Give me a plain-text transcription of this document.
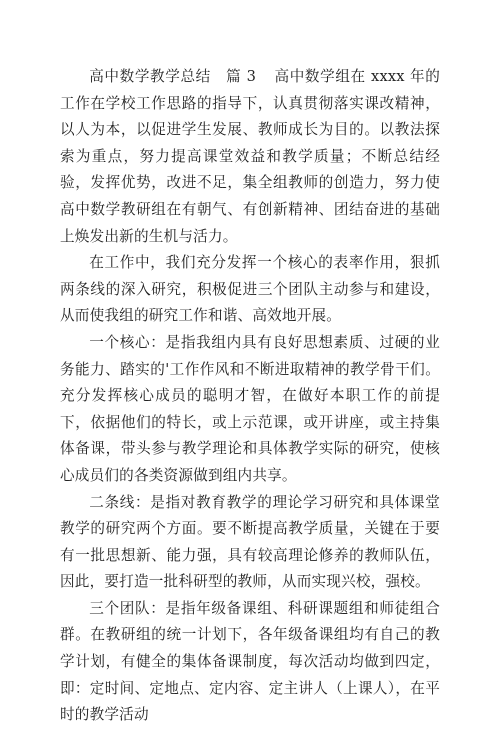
高中数学教学总结　篇 3 高中数学组在 xxxx 年的工作在学校工作思路的指导下，认真贯彻落实课改精神，以人为本，以促进学生发展、教师成长为目的。以教法探索为重点，努力提高课堂效益和教学质量；不断总结经验，发挥优势，改进不足，集全组教师的创造力，努力使高中数学教研组在有朝气、有创新精神、团结奋进的基础上焕发出新的生机与活力。

在工作中，我们充分发挥一个核心的表率作用，狠抓两条线的深入研究，积极促进三个团队主动参与和建设，从而使我组的研究工作和谐、高效地开展。

一个核心：是指我组内具有良好思想素质、过硬的业务能力、踏实的'工作作风和不断进取精神的教学骨干们。充分发挥核心成员的聪明才智，在做好本职工作的前提下，依据他们的特长，或上示范课，或开讲座，或主持集体备课，带头参与教学理论和具体教学实际的研究，使核心成员们的各类资源做到组内共享。

二条线：是指对教育教学的理论学习研究和具体课堂教学的研究两个方面。要不断提高教学质量，关键在于要有一批思想新、能力强，具有较高理论修养的教师队伍，因此，要打造一批科研型的教师，从而实现兴校，强校。

三个团队：是指年级备课组、科研课题组和师徒组合群。在教研组的统一计划下，各年级备课组均有自己的教学计划，有健全的集体备课制度，每次活动均做到四定，即：定时间、定地点、定内容、定主讲人（上课人），在平时的教学活动
